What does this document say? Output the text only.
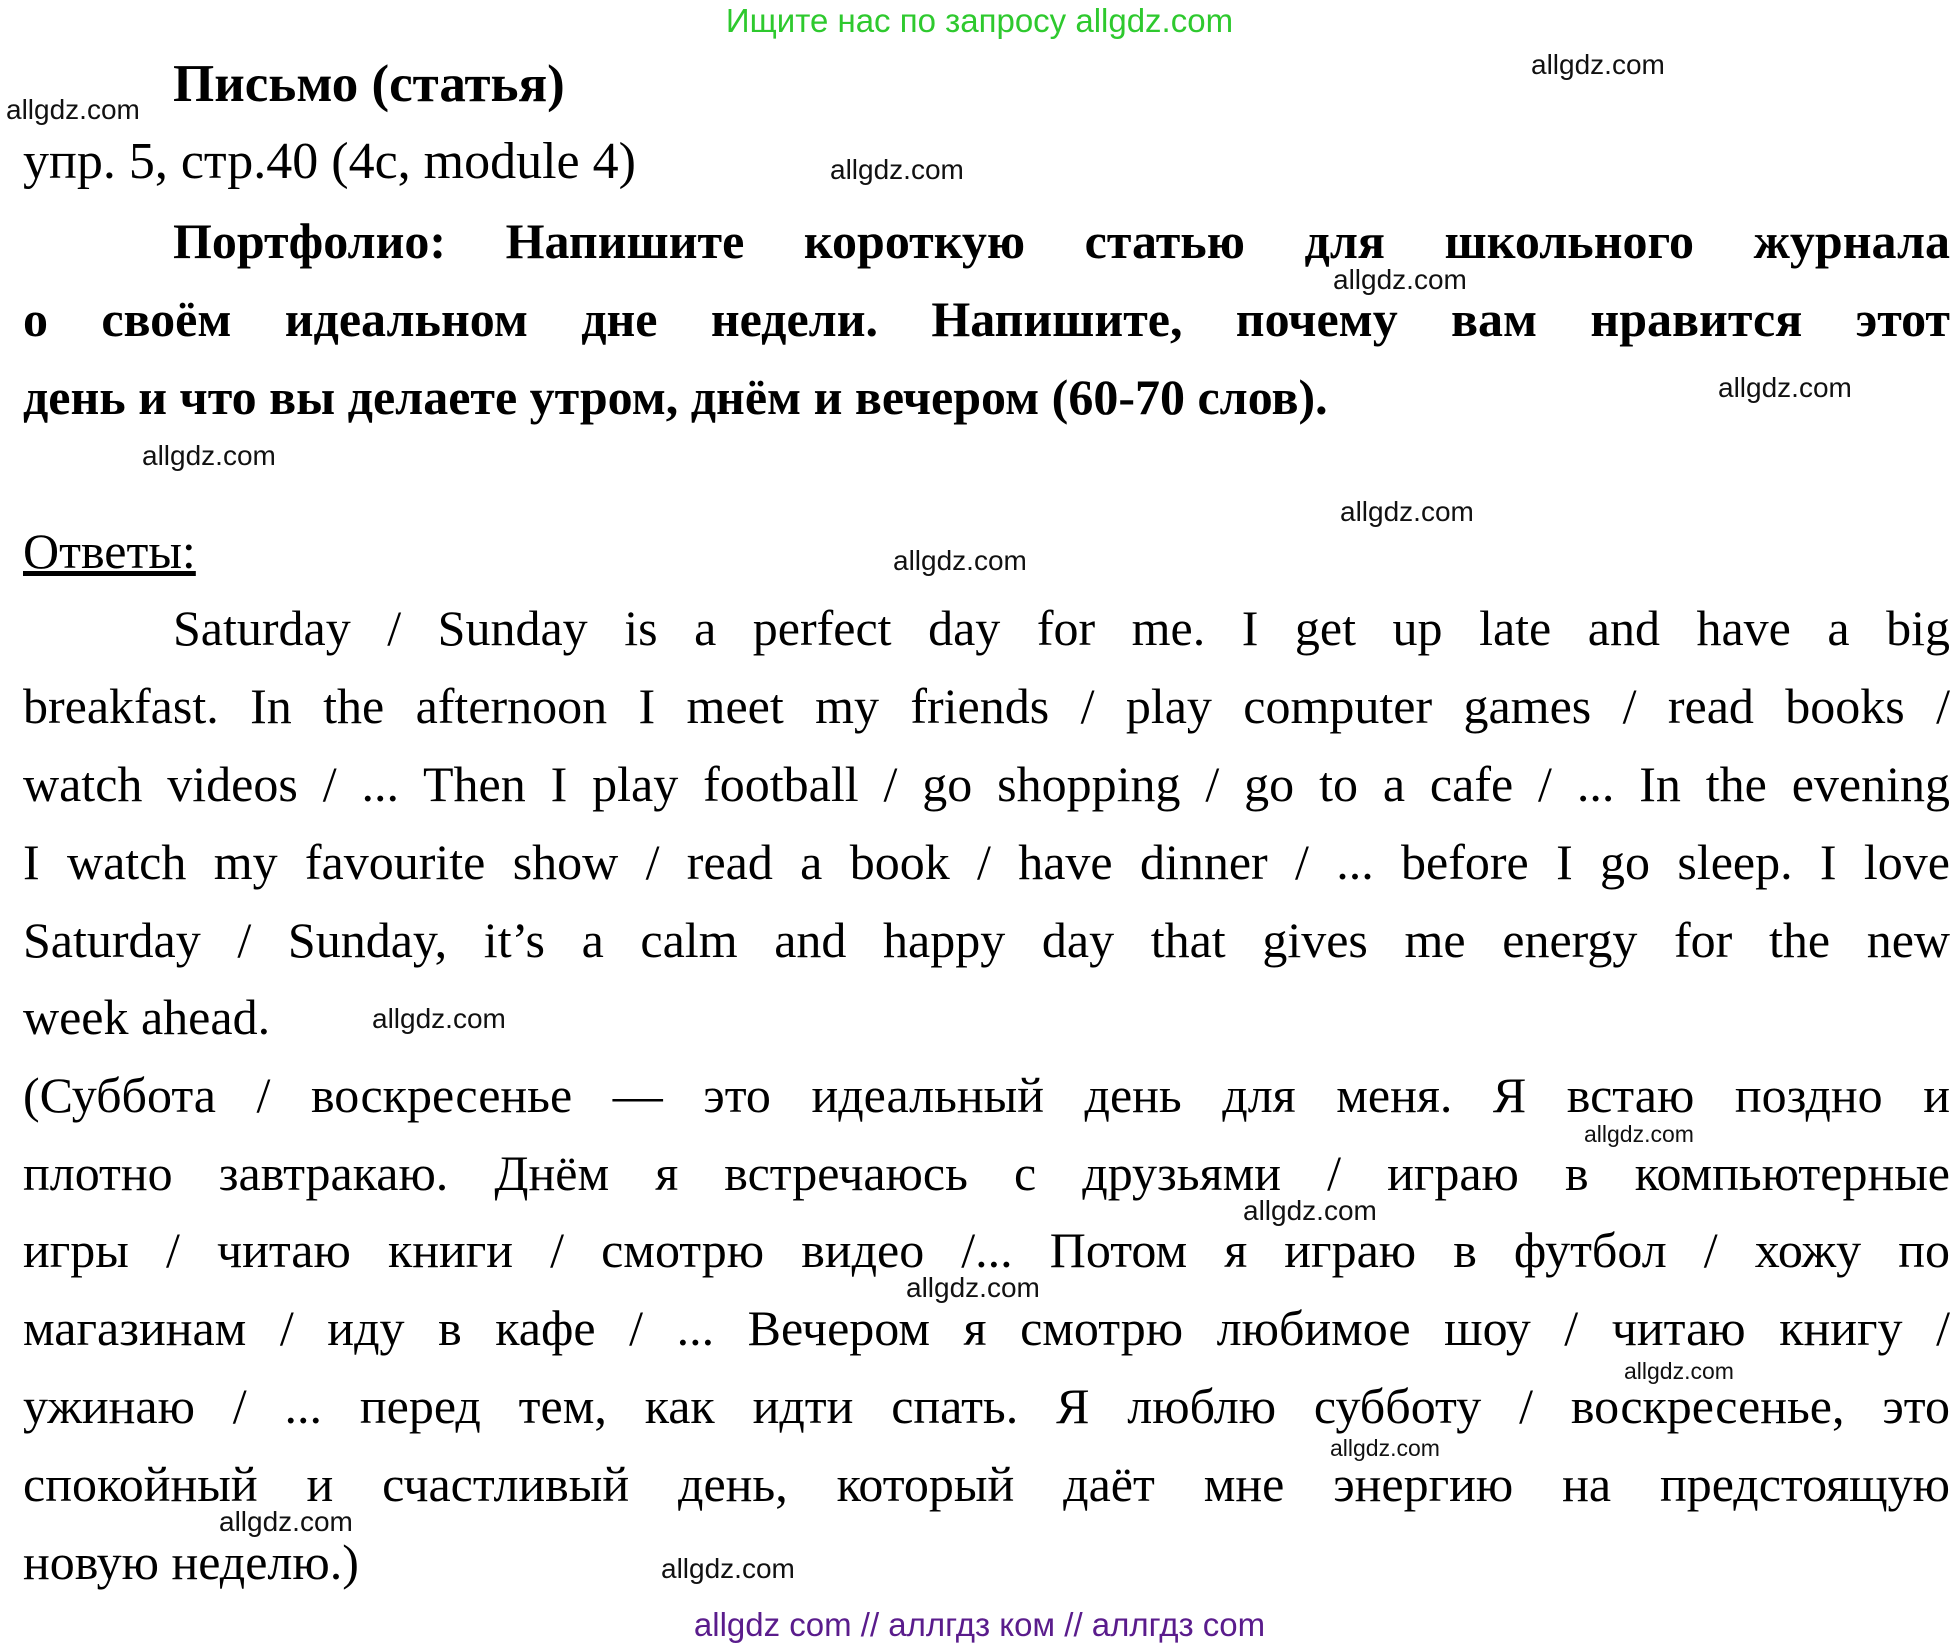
Ищите нас по запросу allgdz.com
Письмо (статья)
упр. 5, стр.40 (4c, module 4)
Портфолио: Напишите короткую статью для школьного журнала
о своём идеальном дне недели. Напишите, почему вам нравится этот
день и что вы делаете утром, днём и вечером (60-70 слов).
Ответы:
Saturday / Sunday is a perfect day for me. I get up late and have a big
breakfast. In the afternoon I meet my friends / play computer games / read books /
watch videos / ... Then I play football / go shopping / go to a cafe / ... In the evening
I watch my favourite show / read a book / have dinner / ... before I go sleep. I love
Saturday / Sunday, it’s a calm and happy day that gives me energy for the new
week ahead.
(Суббота / воскресенье — это идеальный день для меня. Я встаю поздно и
плотно завтракаю. Днём я встречаюсь с друзьями / играю в компьютерные
игры / читаю книги / смотрю видео /... Потом я играю в футбол / хожу по
магазинам / иду в кафе / ... Вечером я смотрю любимое шоу / читаю книгу /
ужинаю / ... перед тем, как идти спать. Я люблю субботу / воскресенье, это
спокойный и счастливый день, который даёт мне энергию на предстоящую
новую неделю.)
allgdz.com
allgdz.com
allgdz.com
allgdz.com
allgdz.com
allgdz.com
allgdz.com
allgdz.com
allgdz.com
allgdz.com
allgdz.com
allgdz.com
allgdz.com
allgdz.com
allgdz.com
allgdz.com
allgdz com // аллгдз ком // аллгдз com
